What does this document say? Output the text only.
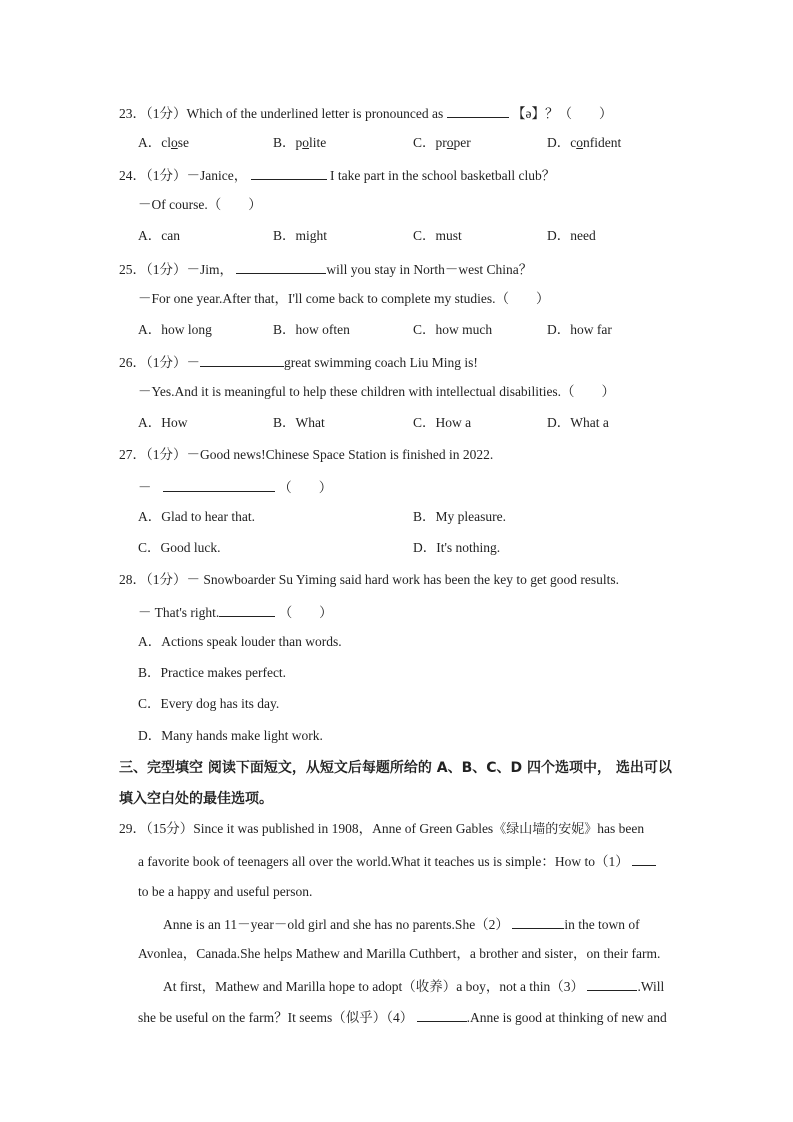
23．（1分）Which of the underlined letter is pronounced as	【ə】？（　　）
A．close	B．polite	C．proper	D．confident
24．（1分）－Janice，	I take part in the school basketball club？
－Of course.（　　）
A．can	B．might	C．must	D．need
25．（1分）－Jim，	will you stay in North－west China？
－For one year.After that，I'll come back to complete my studies.（　　）
A．how long	B．how often	C．how much	D．how far
26．（1分）－	great swimming coach Liu Ming is!
－Yes.And it is meaningful to help these children with intellectual disabilities.（　　）
A．How	B．What	C．How a	D．What a
27．（1分）－Good news!Chinese Space Station is finished in 2022.
－	（　　）
A．Glad to hear that.	B．My pleasure.
C．Good luck.	D．It's nothing.
28．（1分）－ Snowboarder Su Yiming said hard work has been the key to get good results.
－ That's right.	（　　）
A．Actions speak louder than words.
B．Practice makes perfect.
C．Every dog has its day.
D．Many hands make light work.
三、完型填空 阅读下面短文，从短文后每题所给的 A、B、C、D 四个选项中， 选出可以
填入空白处的最佳选项。
29．（15分）Since it was published in 1908，Anne of Green Gables《绿山墙的安妮》has been
a favorite book of teenagers all over the world.What it teaches us is simple：How to（1）
to be a happy and useful person.
Anne is an 11－year－old girl and she has no parents.She（2）	in the town of
Avonlea，Canada.She helps Mathew and Marilla Cuthbert，a brother and sister，on their farm.
At first，Mathew and Marilla hope to adopt（收养）a boy，not a thin（3）	.Will
she be useful on the farm？It seems（似乎）（4）	.Anne is good at thinking of new and
